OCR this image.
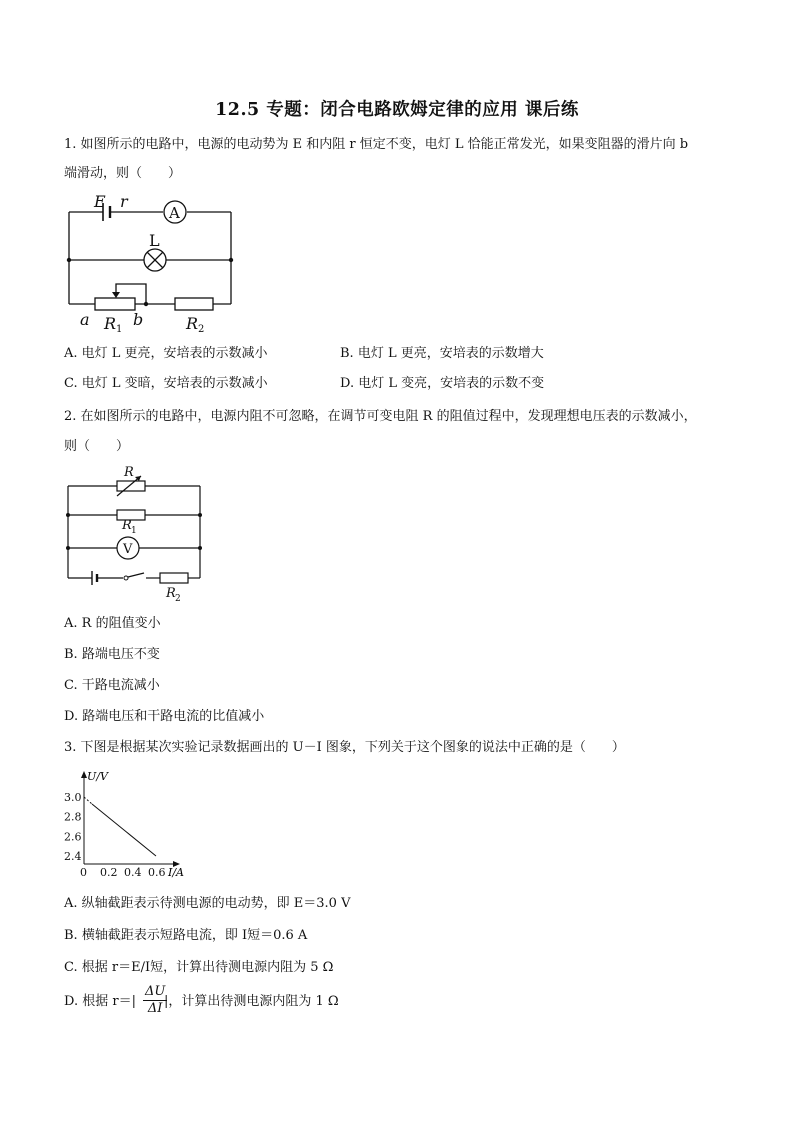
12.5 专题：闭合电路欧姆定律的应用 课后练
1. 如图所示的电路中，电源的电动势为 E 和内阻 r 恒定不变，电灯 L 恰能正常发光，如果变阻器的滑片向 b
端滑动，则（　　）
E r
A
L
a R 1
b	R 2
A. 电灯 L 更亮，安培表的示数减小	B. 电灯 L 更亮，安培表的示数增大
C. 电灯 L 变暗，安培表的示数减小	D. 电灯 L 变亮，安培表的示数不变
2. 在如图所示的电路中，电源内阻不可忽略，在调节可变电阻 R 的阻值过程中，发现理想电压表的示数减小，
则（　　）
R
R 1
V
R 2
A. R 的阻值变小
B. 路端电压不变
C. 干路电流减小
D. 路端电压和干路电流的比值减小
3. 下图是根据某次实验记录数据画出的 U－I 图象，下列关于这个图象的说法中正确的是（　　）
U/V
I/A
0 0.2 0.4 0.6
2.4
2.6
2.8
3.0
A. 纵轴截距表示待测电源的电动势，即 E＝3.0 V
B. 横轴截距表示短路电流，即 I短＝0.6 A
C. 根据 r＝E/I短，计算出待测电源内阻为 5 Ω
D. 根据 r＝| |，计算出待测电源内阻为 1 Ω
$\frac{\Delta U}{\Delta I}$
